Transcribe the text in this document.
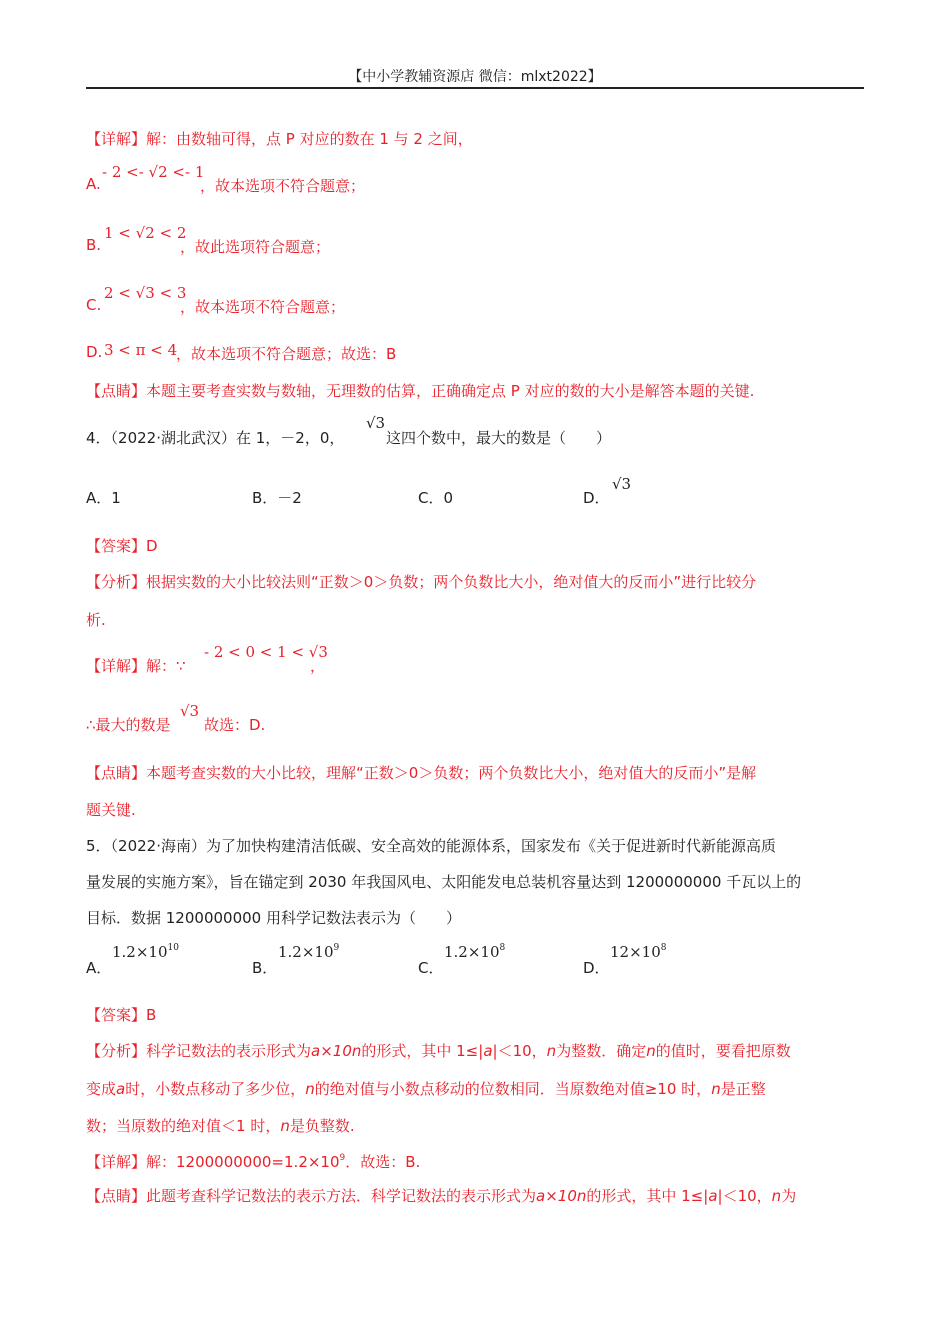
【中小学教辅资源店 微信：mlxt2022】
【详解】解：由数轴可得，点 P 对应的数在 1 与 2 之间，
A.
- 2 <- √2 <- 1
，故本选项不符合题意；
B.
1 < √2 < 2
，故此选项符合题意；
C.
2 < √3 < 3
，故本选项不符合题意；
D. 3 < π < 4
，故本选项不符合题意；故选：B
【点睛】本题主要考查实数与数轴，无理数的估算，正确确定点 P 对应的数的大小是解答本题的关键.
4．（2022·湖北武汉）在 1，－2，0，
√3
这四个数中，最大的数是（　　）
A．1	B．－2	C．0	D．
√3
【答案】D
【分析】根据实数的大小比较法则“正数＞0＞负数；两个负数比大小，绝对值大的反而小”进行比较分
析.
【详解】解：∵
- 2 < 0 < 1 < √3
，
∴最大的数是
√3
故选：D.
【点睛】本题考查实数的大小比较，理解“正数＞0＞负数；两个负数比大小，绝对值大的反而小”是解
题关键.
5．（2022·海南）为了加快构建清洁低碳、安全高效的能源体系，国家发布《关于促进新时代新能源高质
量发展的实施方案》，旨在锚定到 2030 年我国风电、太阳能发电总装机容量达到 1200000000 千瓦以上的
目标．数据 1200000000 用科学记数法表示为（　　）
A．
$1.2\times 10^{10}$
B．
$1.2\times 10^9$
C．
$1.2\times 10^8$
D．
$12\times 10^8$
【答案】B
【分析】科学记数法的表示形式为a×10n的形式，其中 1≤|a|＜10，n为整数．确定n的值时，要看把原数
变成a时，小数点移动了多少位，n的绝对值与小数点移动的位数相同．当原数绝对值≥10 时，n是正整
数；当原数的绝对值＜1 时，n是负整数.
【详解】解：$1200000000=1.2\times 10^9$．故选：B.
【点睛】此题考查科学记数法的表示方法．科学记数法的表示形式为a×10n的形式，其中 1≤|a|＜10，n为
